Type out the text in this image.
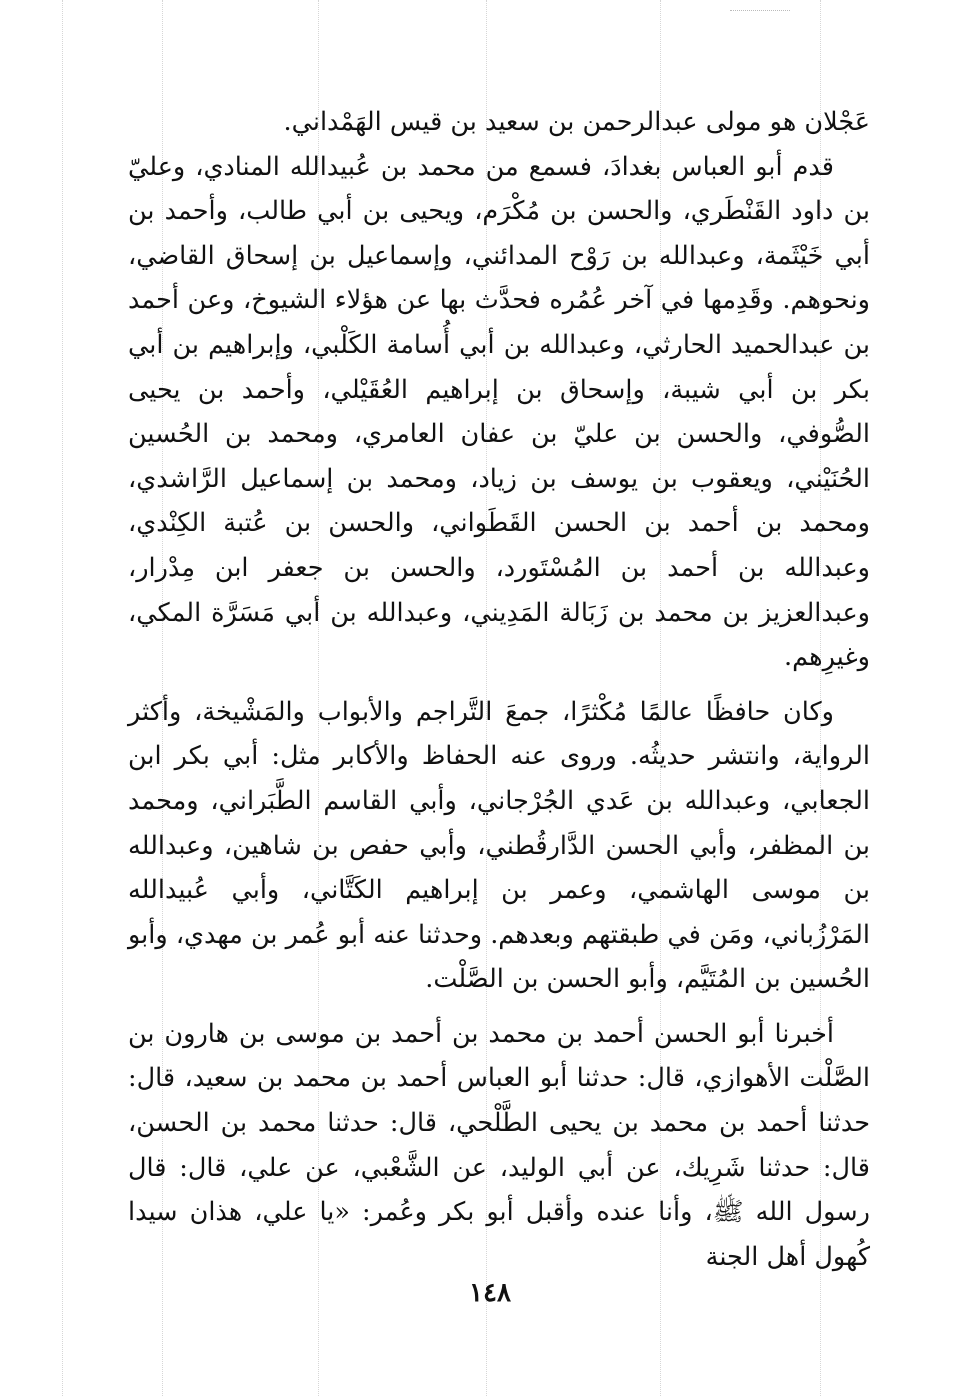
عَجْلان هو مولى عبدالرحمن بن سعيد بن قيس الهَمْداني.

قدم أبو العباس بغدادَ، فسمع من محمد بن عُبيدالله المنادي، وعليّ بن داود القَنْطَري، والحسن بن مُكْرَم، ويحيى بن أبي طالب، وأحمد بن أبي خَيْثَمة، وعبدالله بن رَوْح المدائني، وإسماعيل بن إسحاق القاضي، ونحوهم. وقَدِمها في آخر عُمُره فحدَّث بها عن هؤلاء الشيوخ، وعن أحمد بن عبدالحميد الحارثي، وعبدالله بن أبي أُسامة الكَلْبي، وإبراهيم بن أبي بكر بن أبي شيبة، وإسحاق بن إبراهيم العُقَيْلي، وأحمد بن يحيى الصُّوفي، والحسن بن عليّ بن عفان العامري، ومحمد بن الحُسين الحُنَيْني، ويعقوب بن يوسف بن زياد، ومحمد بن إسماعيل الرَّاشدي، ومحمد بن أحمد بن الحسن القَطَواني، والحسن بن عُتبة الكِنْدي، وعبدالله بن أحمد بن المُسْتَورد، والحسن بن جعفر ابن مِدْرار، وعبدالعزيز بن محمد بن زَبَالة المَدِيني، وعبدالله بن أبي مَسَرَّة المكي، وغيرِهم.

وكان حافظًا عالمًا مُكْثرًا، جمعَ التَّراجم والأبواب والمَشْيخة، وأكثر الرواية، وانتشر حديثُه. وروى عنه الحفاظ والأكابر مثل: أبي بكر ابن الجعابي، وعبدالله بن عَدي الجُرْجاني، وأبي القاسم الطَّبَراني، ومحمد بن المظفر، وأبي الحسن الدَّارقُطني، وأبي حفص بن شاهين، وعبدالله بن موسى الهاشمي، وعمر بن إبراهيم الكَتَّاني، وأبي عُبيدالله المَرْزُباني، ومَن في طبقتهم وبعدهم. وحدثنا عنه أبو عُمر بن مهدي، وأبو الحُسين بن المُتَيَّم، وأبو الحسن بن الصَّلْت.

أخبرنا أبو الحسن أحمد بن محمد بن أحمد بن موسى بن هارون بن الصَّلْت الأهوازي، قال: حدثنا أبو العباس أحمد بن محمد بن سعيد، قال: حدثنا أحمد بن محمد بن يحيى الطَّلْحي، قال: حدثنا محمد بن الحسن، قال: حدثنا شَرِيك، عن أبي الوليد، عن الشَّعْبي، عن علي، قال: قال رسول الله ﷺ، وأنا عنده وأقبل أبو بكر وعُمر: «يا علي، هذان سيدا كُهول أهل الجنة

١٤٨
